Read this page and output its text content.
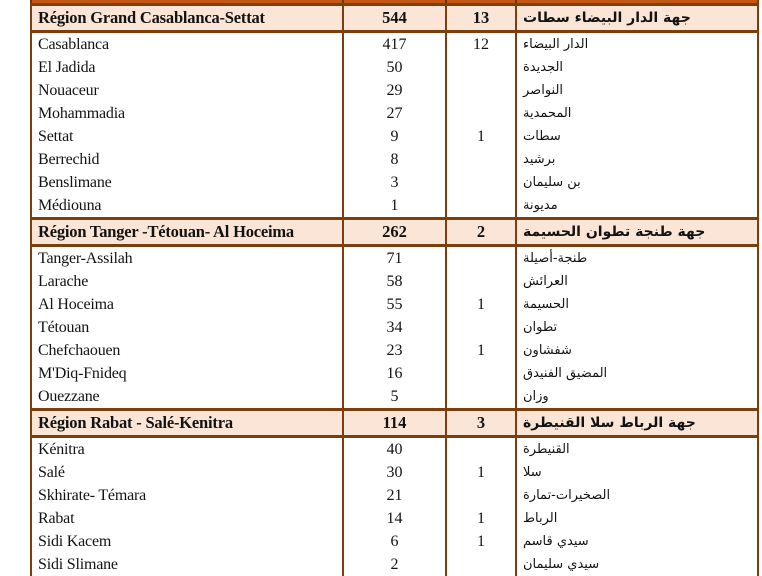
Région Grand Casablanca-Settat	544	13	جهة الدار البيضاء سطات
Casablanca	417	12	الدار البيضاء
El Jadida	50		الجديدة
Nouaceur	29		النواصر
Mohammadia	27		المحمدية
Settat	9	1	سطات
Berrechid	8		برشيد
Benslimane	3		بن سليمان
Médiouna	1		مديونة
Région Tanger -Tétouan- Al Hoceima	262	2	جهة طنجة تطوان الحسيمة
Tanger-Assilah	71		طنجة-أصيلة
Larache	58		العرائش
Al Hoceima	55	1	الحسيمة
Tétouan	34		تطوان
Chefchaouen	23	1	شفشاون
M'Diq-Fnideq	16		المضيق الفنيدق
Ouezzane	5		وزان
Région Rabat - Salé-Kenitra	114	3	جهة الرباط سلا القنيطرة
Kénitra	40		القنيطرة
Salé	30	1	سلا
Skhirate- Témara	21		الصخيرات-تمارة
Rabat	14	1	الرباط
Sidi Kacem	6	1	سيدي قاسم
Sidi Slimane	2		سيدي سليمان
